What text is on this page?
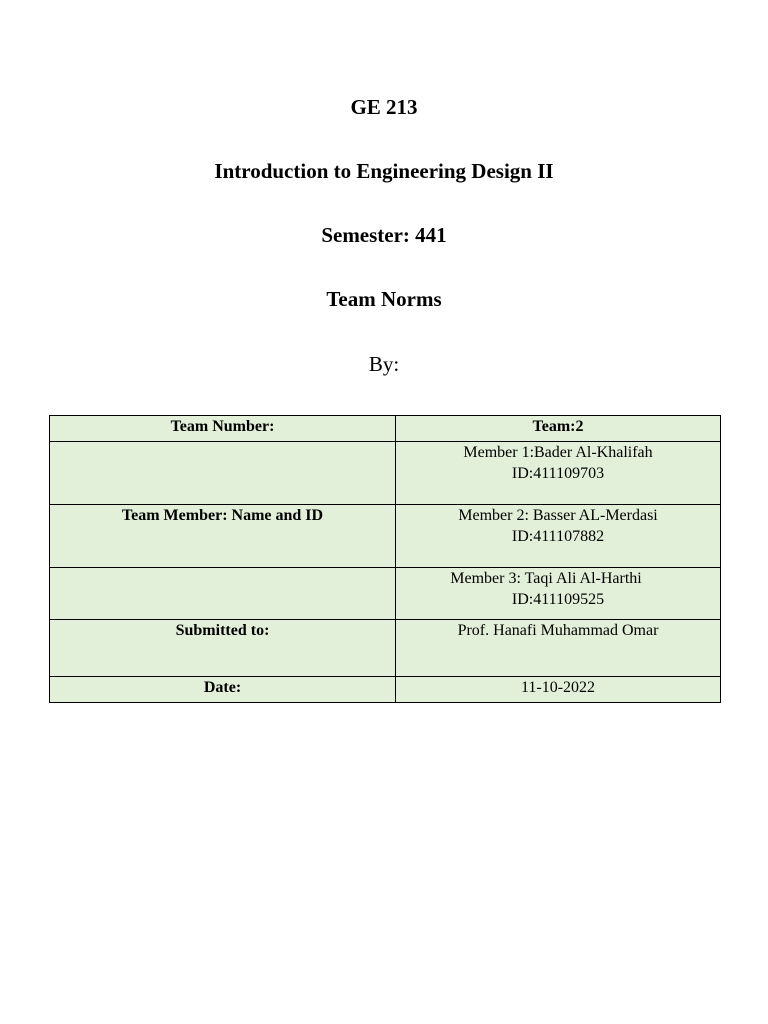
GE 213

Introduction to Engineering Design II

Semester: 441

Team Norms

By:

Team Number:	Team:2

	Member 1:Bader Al-Khalifah
ID:411109703

Team Member: Name and ID	Member 2: Basser AL-Merdasi
ID:411107882

	Member 3: Taqi Ali Al-Harthi
ID:411109525

Submitted to:	Prof. Hanafi Muhammad Omar
Date:	11-10-2022
